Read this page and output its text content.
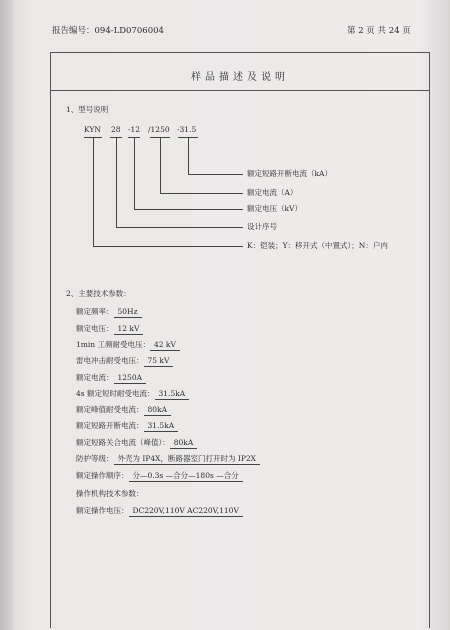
报告编号：094-LD0706004	第 2 页 共 24 页
样品描述及说明
1、型号说明
KYN 28 -12 /1250 -31.5
额定短路开断电流（kA）
额定电流（A）
额定电压（kV）
设计序号
K：铠装；Y：移开式（中置式）；N：户内
2、主要技术参数：
额定频率： 50Hz
额定电压： 12 kV
1min 工频耐受电压： 42 kV
雷电冲击耐受电压： 75 kV
额定电流： 1250A
4s 额定短时耐受电流： 31.5kA
额定峰值耐受电流： 80kA
额定短路开断电流： 31.5kA
额定短路关合电流（峰值）： 80kA
防护等级： 外壳为 IP4X，断路器室门打开时为 IP2X
额定操作顺序： 分—0.3s —合分—180s —合分
操作机构技术参数：
额定操作电压： DC220V,110V AC220V,110V
